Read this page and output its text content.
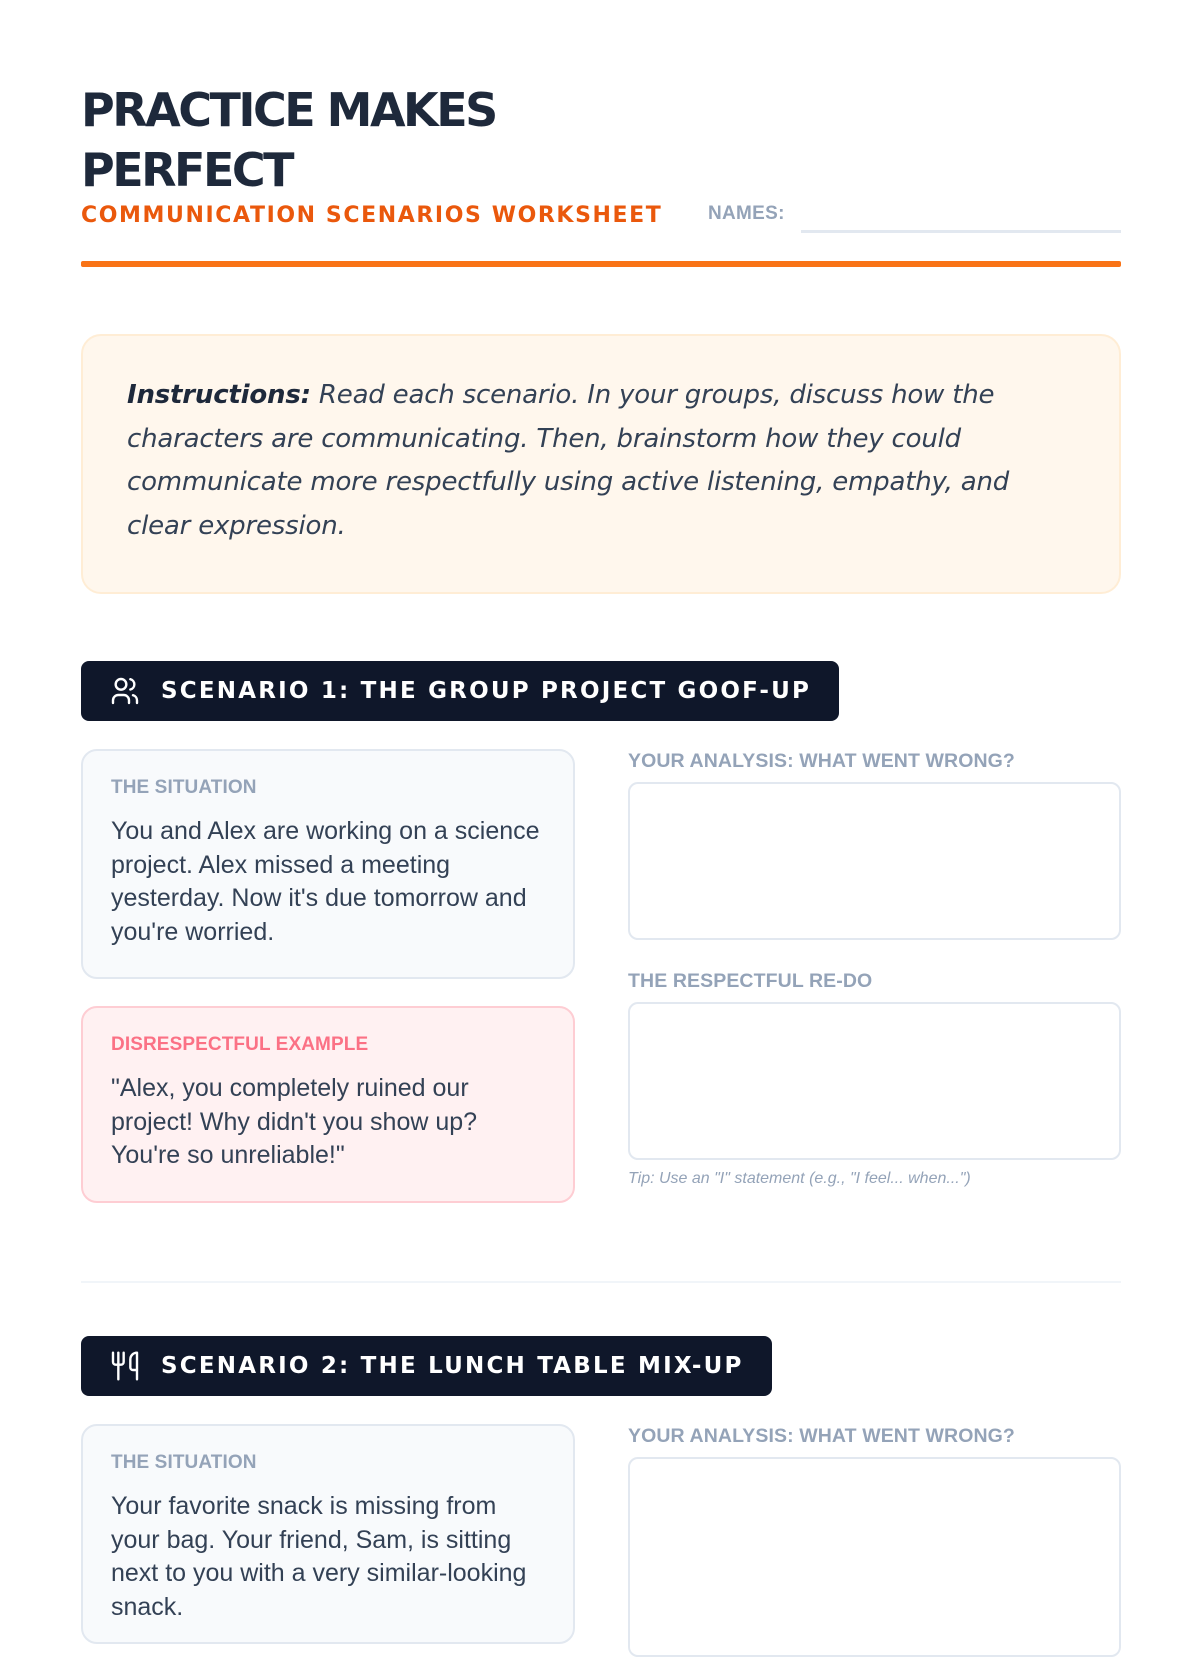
PRACTICE MAKES PERFECT
COMMUNICATION SCENARIOS WORKSHEET NAMES:

Instructions: Read each scenario. In your groups, discuss how the characters are communicating. Then, brainstorm how they could communicate more respectfully using active listening, empathy, and clear expression.

SCENARIO 1: THE GROUP PROJECT GOOF-UP
THE SITUATION
You and Alex are working on a science project. Alex missed a meeting yesterday. Now it's due tomorrow and you're worried.
DISRESPECTFUL EXAMPLE
"Alex, you completely ruined our project! Why didn't you show up? You're so unreliable!"
YOUR ANALYSIS: WHAT WENT WRONG?
THE RESPECTFUL RE-DO
Tip: Use an "I" statement (e.g., "I feel... when...")
SCENARIO 2: THE LUNCH TABLE MIX-UP
THE SITUATION
Your favorite snack is missing from your bag. Your friend, Sam, is sitting next to you with a very similar-looking snack.
YOUR ANALYSIS: WHAT WENT WRONG?
